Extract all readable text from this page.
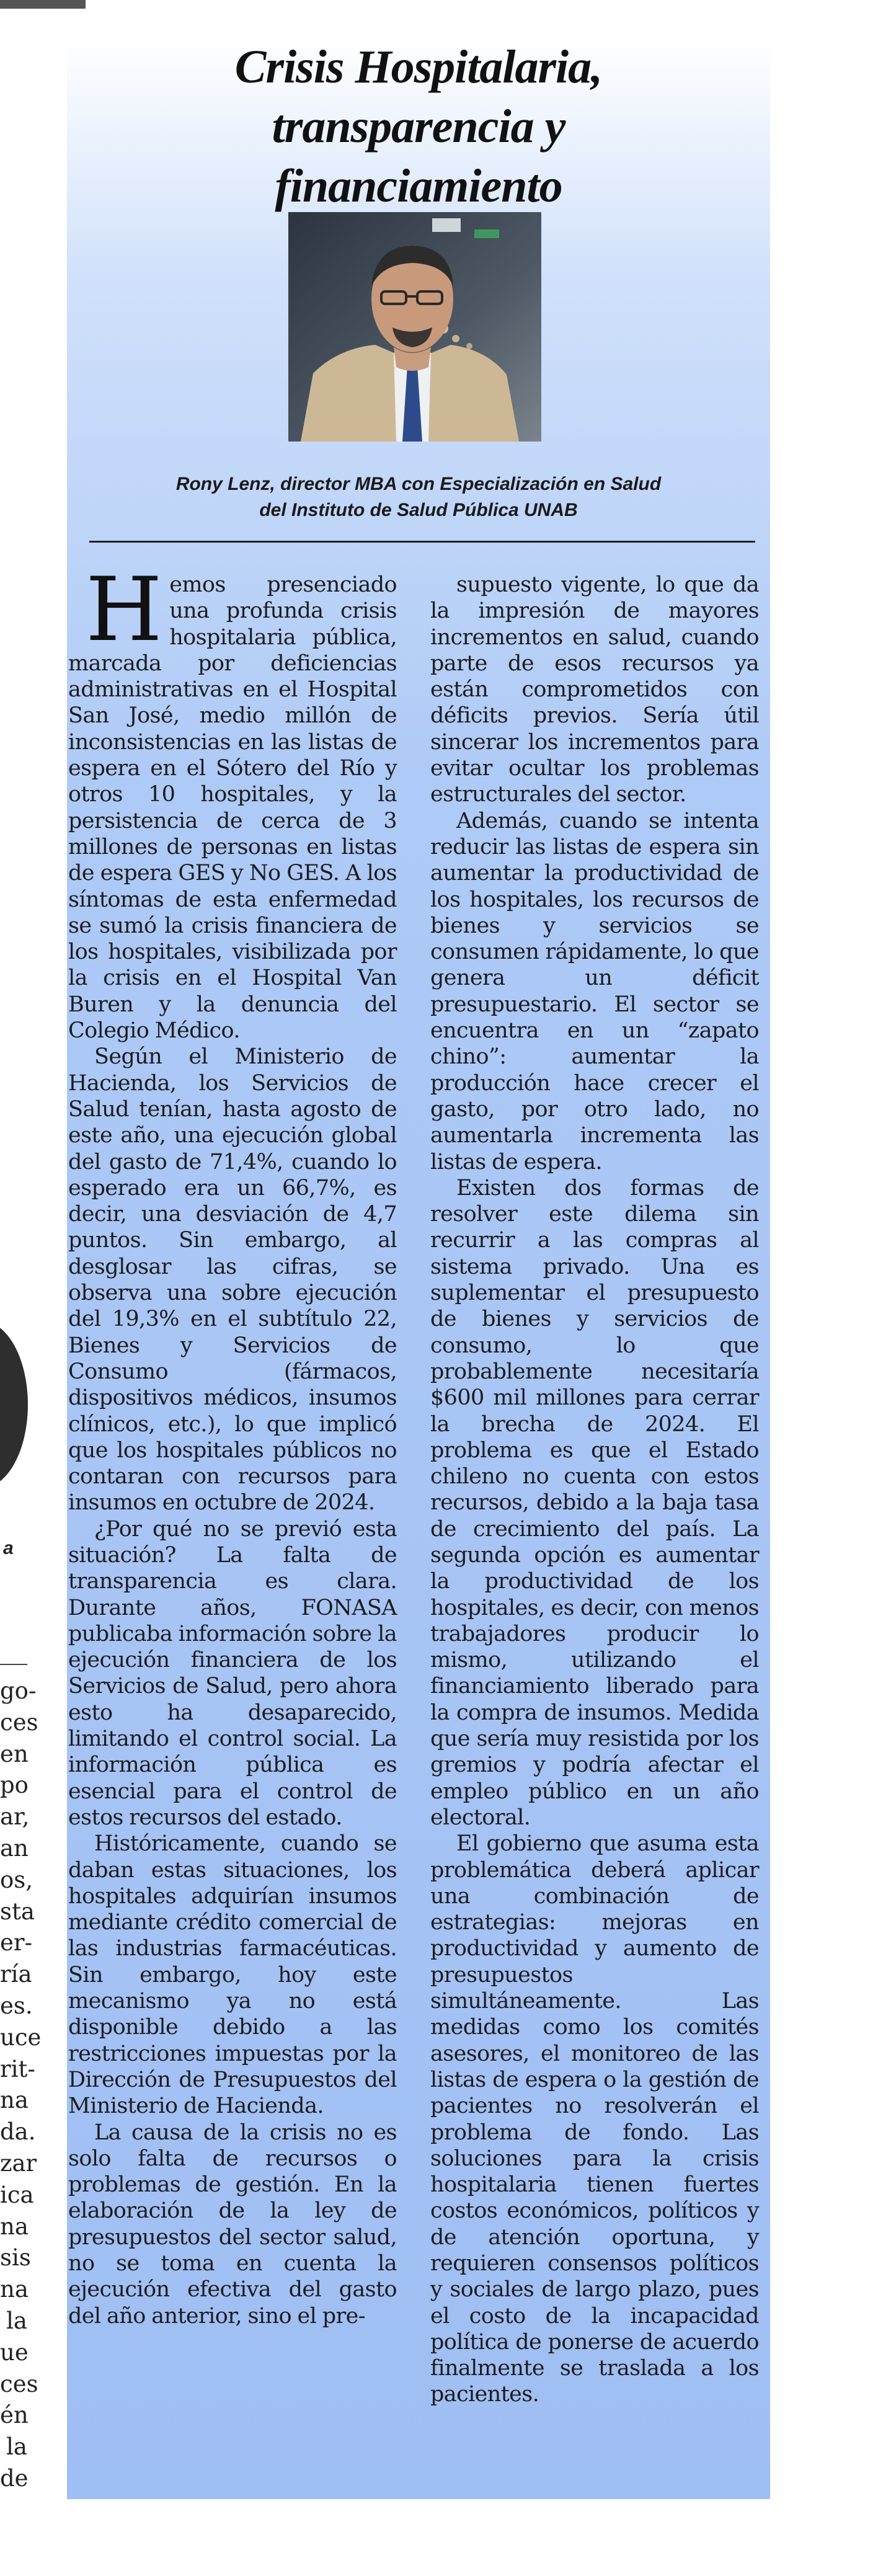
a
go-
ces
en
po
ar,
an
os,
sta
er-
ría
es.
uce
rit-
na
da.
zar
ica
na
sis
na
la
ue
ces
én
la
de
Crisis Hospitalaria,
transparencia y
financiamiento
Rony Lenz, director MBA con Especialización en Salud
del Instituto de Salud Pública UNAB

Hemos presenciado una profunda crisis hospitalaria pública, marcada por deficiencias administrativas en el Hospital San José, medio millón de inconsistencias en las listas de espera en el Sótero del Río y otros 10 hospitales, y la persistencia de cerca de 3 millones de personas en listas de espera GES y No GES. A los síntomas de esta enfermedad se sumó la crisis financiera de los hospitales, visibilizada por la crisis en el Hospital Van Buren y la denuncia del Colegio Médico.

Según el Ministerio de Hacienda, los Servicios de Salud tenían, hasta agosto de este año, una ejecución global del gasto de 71,4%, cuando lo esperado era un 66,7%, es decir, una desviación de 4,7 puntos. Sin embargo, al desglosar las cifras, se observa una sobre ejecución del 19,3% en el subtítulo 22, Bienes y Servicios de Consumo (fármacos, dispositivos médicos, insumos clínicos, etc.), lo que implicó que los hospitales públicos no contaran con recursos para insumos en octubre de 2024.

¿Por qué no se previó esta situación? La falta de transparencia es clara. Durante años, FONASA publicaba información sobre la ejecución financiera de los Servicios de Salud, pero ahora esto ha desaparecido, limitando el control social. La información pública es esencial para el control de estos recursos del estado.

Históricamente, cuando se daban estas situaciones, los hospitales adquirían insumos mediante crédito comercial de las industrias farmacéuticas. Sin embargo, hoy este mecanismo ya no está disponible debido a las restricciones impuestas por la Dirección de Presupuestos del Ministerio de Hacienda.

La causa de la crisis no es solo falta de recursos o problemas de gestión. En la elaboración de la ley de presupuestos del sector salud, no se toma en cuenta la ejecución efectiva del gasto del año anterior, sino el pre-

supuesto vigente, lo que da la impresión de mayores incrementos en salud, cuando parte de esos recursos ya están comprometidos con déficits previos. Sería útil sincerar los incrementos para evitar ocultar los problemas estructurales del sector.

Además, cuando se intenta reducir las listas de espera sin aumentar la productividad de los hospitales, los recursos de bienes y servicios se consumen rápidamente, lo que genera un déficit presupuestario. El sector se encuentra en un “zapato chino”: aumentar la producción hace crecer el gasto, por otro lado, no aumentarla incrementa las listas de espera.

Existen dos formas de resolver este dilema sin recurrir a las compras al sistema privado. Una es suplementar el presupuesto de bienes y servicios de consumo, lo que probablemente necesitaría $600 mil millones para cerrar la brecha de 2024. El problema es que el Estado chileno no cuenta con estos recursos, debido a la baja tasa de crecimiento del país. La segunda opción es aumentar la productividad de los hospitales, es decir, con menos trabajadores producir lo mismo, utilizando el financiamiento liberado para la compra de insumos. Medida que sería muy resistida por los gremios y podría afectar el empleo público en un año electoral.

El gobierno que asuma esta problemática deberá aplicar una combinación de estrategias: mejoras en productividad y aumento de presupuestos simultáneamente. Las medidas como los comités asesores, el monitoreo de las listas de espera o la gestión de pacientes no resolverán el problema de fondo. Las soluciones para la crisis hospitalaria tienen fuertes costos económicos, políticos y de atención oportuna, y requieren consensos políticos y sociales de largo plazo, pues el costo de la incapacidad política de ponerse de acuerdo finalmente se traslada a los pacientes.
